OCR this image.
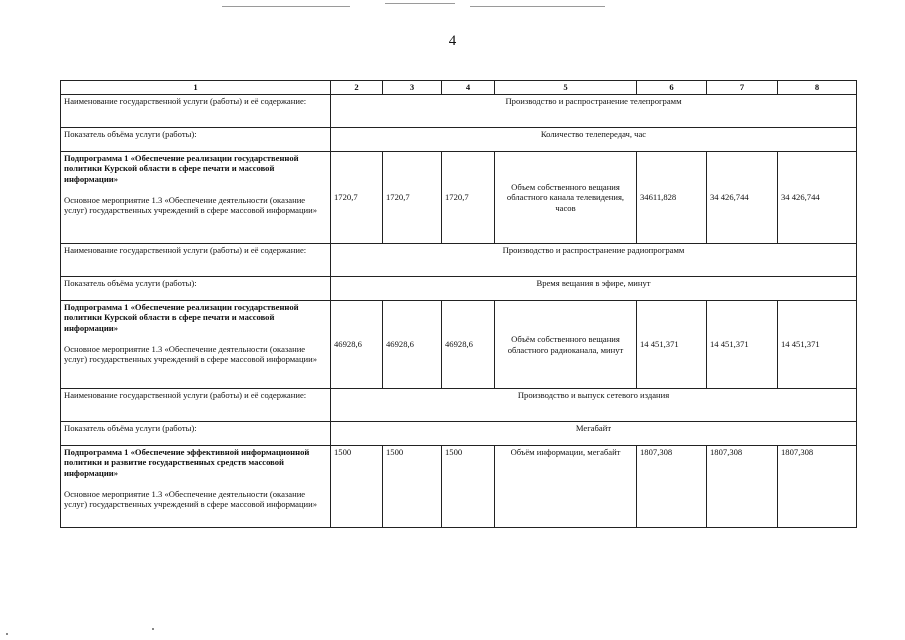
4
1	2	3	4	5	6	7	8
Наименование государственной услуги (работы) и её содержание:	Производство и распространение телепрограмм						
Показатель объёма услуги (работы):	Количество телепередач, час						

Подпрограмма 1 «Обеспечение реализации государственной политики Курской области в сфере печати и массовой информации»
Основное мероприятие 1.3 «Обеспечение деятельности (оказание услуг) государственных учреждений в сфере массовой информации»	1720,7	1720,7	1720,7	Объем собственного вещания областного канала телевидения, часов	34611,828	34 426,744	34 426,744
Наименование государственной услуги (работы) и её содержание:	Производство и распространение радиопрограмм						
Показатель объёма услуги (работы):	Время вещания в эфире, минут						

Подпрограмма 1 «Обеспечение реализации государственной политики Курской области в сфере печати и массовой информации»
Основное мероприятие 1.3 «Обеспечение деятельности (оказание услуг) государственных учреждений в сфере массовой информации»	46928,6	46928,6	46928,6	Объём собственного вещания областного радиоканала, минут	14 451,371	14 451,371	14 451,371
Наименование государственной услуги (работы) и её содержание:	Производство и выпуск сетевого издания						
Показатель объёма услуги (работы):	Мегабайт						

Подпрограмма 1 «Обеспечение эффективной информационной политики и развитие государственных средств массовой информации»
Основное мероприятие 1.3 «Обеспечение деятельности (оказание услуг) государственных учреждений в сфере массовой информации»	1500	1500	1500	Объём информации, мегабайт	1807,308	1807,308	1807,308
